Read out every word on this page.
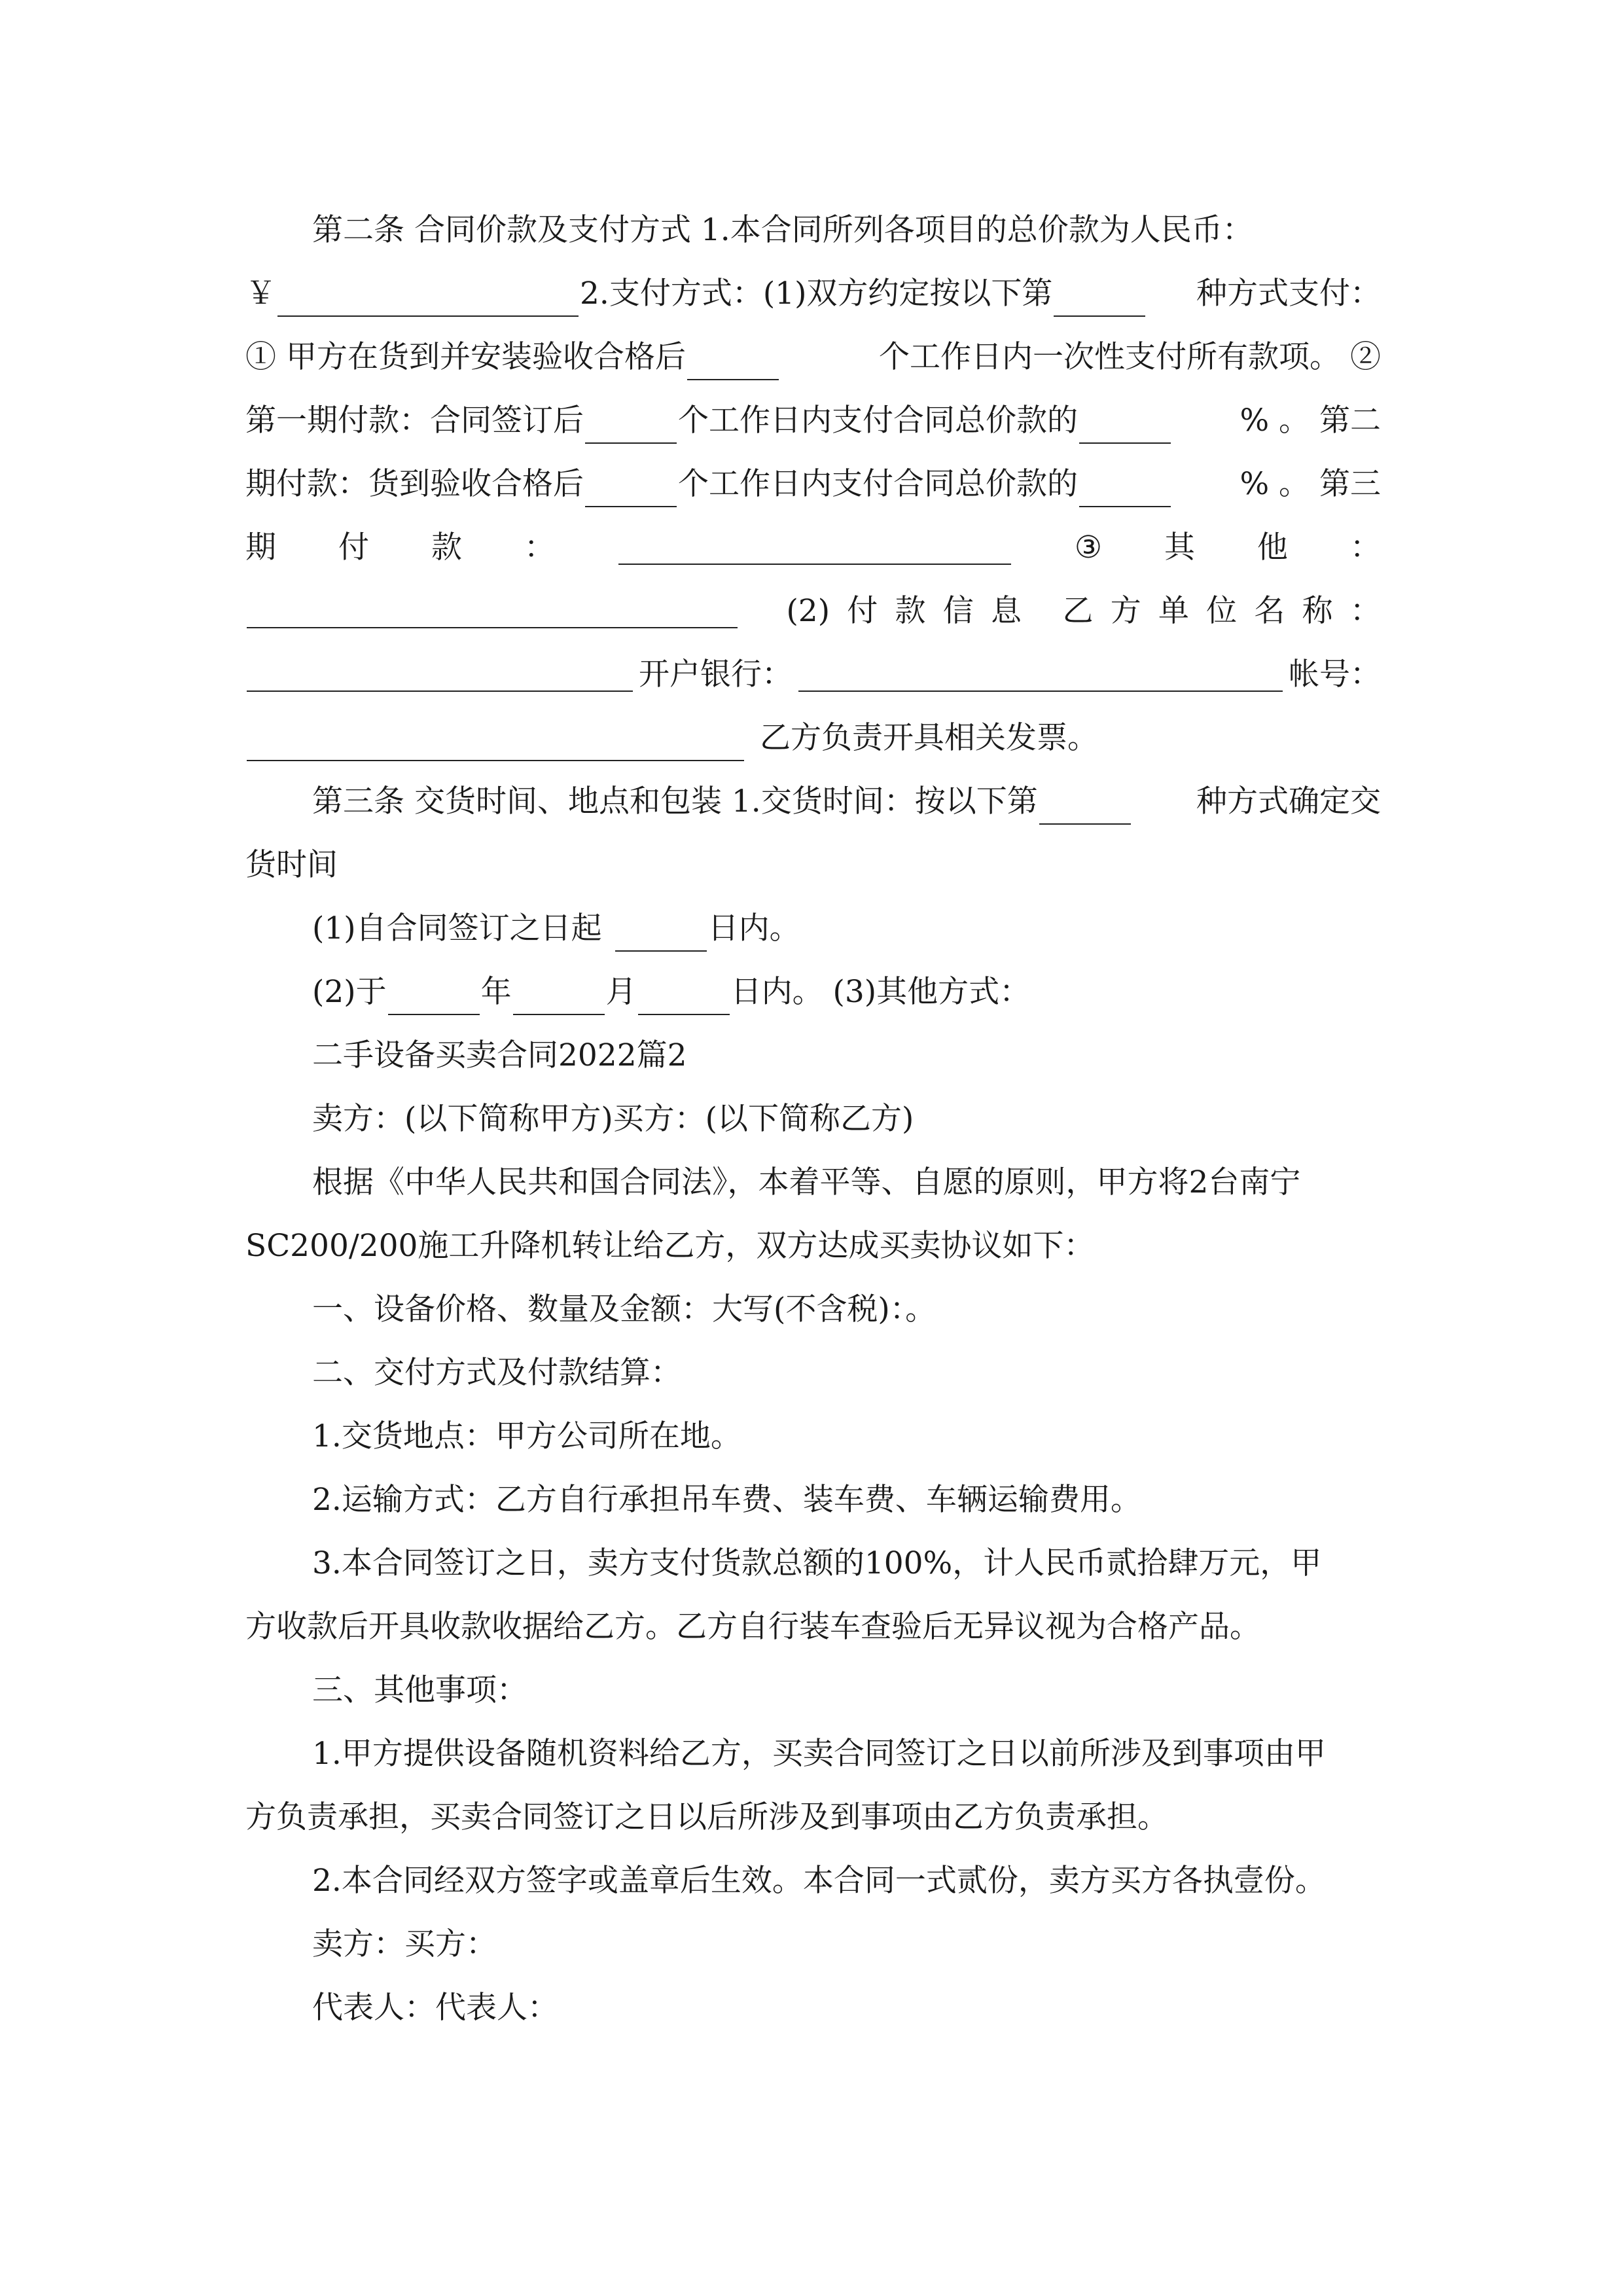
第二条 合同价款及支付方式 1.本合同所列各项目的总价款为人民币：
￥	2.支付方式：(1)双方约定按以下第	种方式支付：
① 甲方在货到并安装验收合格后	个工作日内一次性支付所有款项。 ②
第一期付款：合同签订后	个工作日内支付合同总价款的	% 。 第二
期付款：货到验收合格后	个工作日内支付合同总价款的	% 。 第三
期 付 款 ：	③ 其 他 ：
(2) 付 款 信 息 乙 方 单 位 名 称 ：
开户银行：	帐号：
乙方负责开具相关发票。
第三条 交货时间、地点和包装 1.交货时间：按以下第	种方式确定交
货时间
(1)自合同签订之日起	日内。
(2)于	年	月	日内。 (3)其他方式：
二手设备买卖合同2022篇2
卖方：(以下简称甲方)买方：(以下简称乙方)
根据《中华人民共和国合同法》，本着平等、自愿的原则，甲方将2台南宁
SC200/200施工升降机转让给乙方，双方达成买卖协议如下：
一、设备价格、数量及金额：大写(不含税)：。
二、交付方式及付款结算：
1.交货地点：甲方公司所在地。
2.运输方式：乙方自行承担吊车费、装车费、车辆运输费用。
3.本合同签订之日，卖方支付货款总额的100%，计人民币贰拾肆万元，甲
方收款后开具收款收据给乙方。乙方自行装车查验后无异议视为合格产品。
三、其他事项：
1.甲方提供设备随机资料给乙方，买卖合同签订之日以前所涉及到事项由甲
方负责承担，买卖合同签订之日以后所涉及到事项由乙方负责承担。
2.本合同经双方签字或盖章后生效。本合同一式贰份，卖方买方各执壹份。
卖方：买方：
代表人：代表人：
